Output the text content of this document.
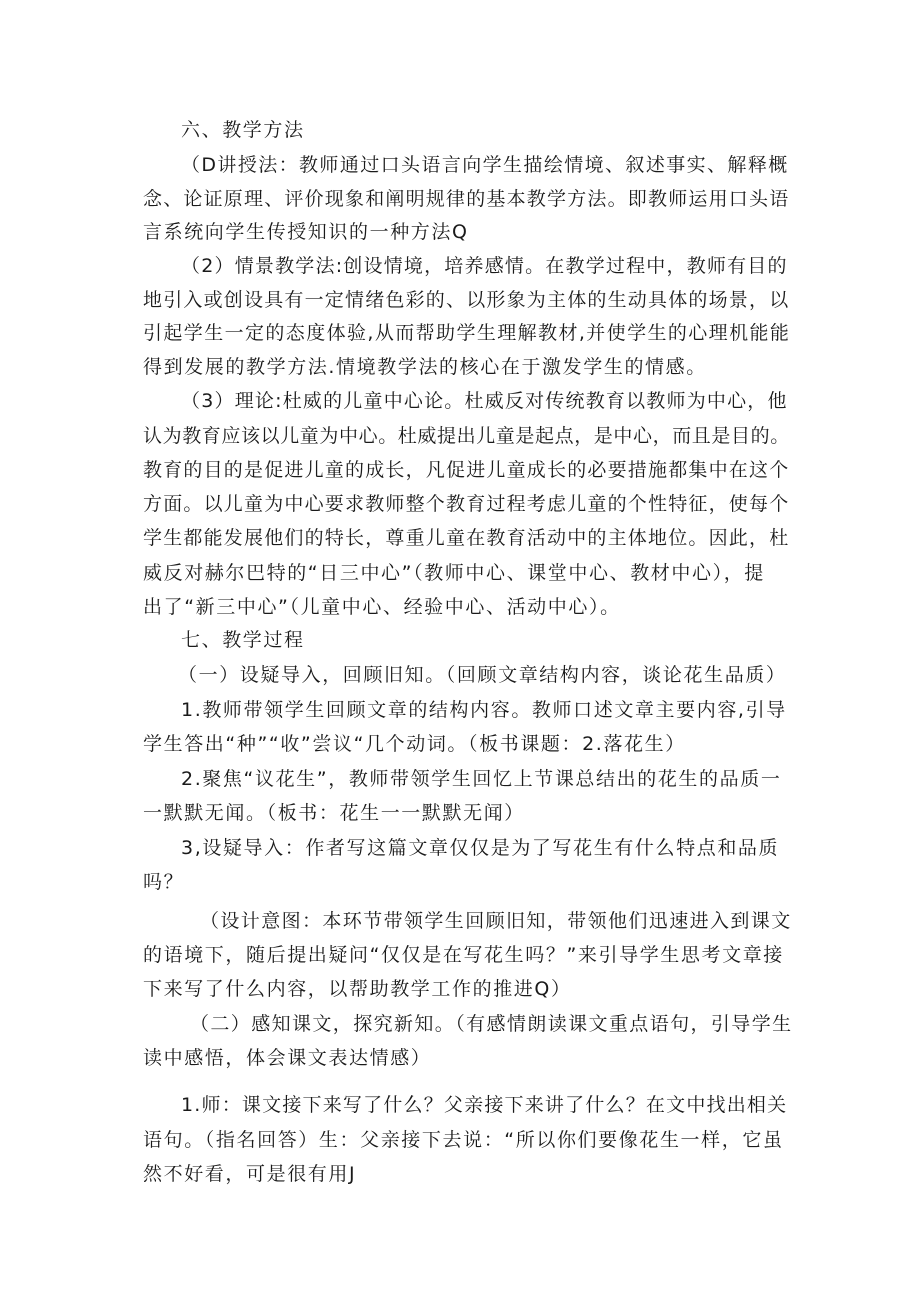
六、教学方法
（D讲授法：教师通过口头语言向学生描绘情境、叙述事实、解释概
念、论证原理、评价现象和阐明规律的基本教学方法。即教师运用口头语
言系统向学生传授知识的一种方法Q
（2）情景教学法:创设情境，培养感情。在教学过程中，教师有目的
地引入或创设具有一定情绪色彩的、以形象为主体的生动具体的场景，以
引起学生一定的态度体验,从而帮助学生理解教材,并使学生的心理机能能
得到发展的教学方法.情境教学法的核心在于激发学生的情感。
（3）理论:杜威的儿童中心论。杜威反对传统教育以教师为中心，他
认为教育应该以儿童为中心。杜威提出儿童是起点，是中心，而且是目的。
教育的目的是促进儿童的成长，凡促进儿童成长的必要措施都集中在这个
方面。以儿童为中心要求教师整个教育过程考虑儿童的个性特征，使每个
学生都能发展他们的特长，尊重儿童在教育活动中的主体地位。因此，杜
威反对赫尔巴特的“日三中心”（教师中心、课堂中心、教材中心），提
出了“新三中心”（儿童中心、经验中心、活动中心）。
七、教学过程
（一）设疑导入，回顾旧知。（回顾文章结构内容，谈论花生品质）
1.教师带领学生回顾文章的结构内容。教师口述文章主要内容,引导
学生答出“种”“收”尝议“几个动词。（板书课题：2.落花生）
2.聚焦“议花生”，教师带领学生回忆上节课总结出的花生的品质一
一默默无闻。（板书：花生一一默默无闻）
3,设疑导入：作者写这篇文章仅仅是为了写花生有什么特点和品质
吗？
（设计意图：本环节带领学生回顾旧知，带领他们迅速进入到课文
的语境下，随后提出疑问“仅仅是在写花生吗？”来引导学生思考文章接
下来写了什么内容，以帮助教学工作的推进Q）
（二）感知课文，探究新知。（有感情朗读课文重点语句，引导学生
读中感悟，体会课文表达情感）
1.师：课文接下来写了什么？父亲接下来讲了什么？在文中找出相关
语句。（指名回答）生：父亲接下去说：“所以你们要像花生一样，它虽
然不好看，可是很有用J
